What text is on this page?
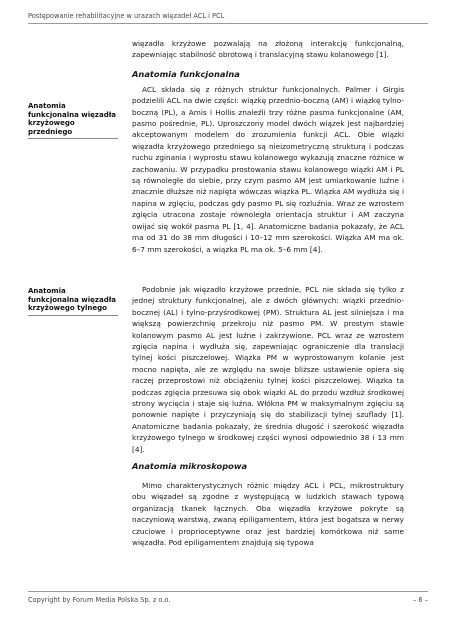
Postępowanie rehabilitacyjne w urazach więzadeł ACL i PCL

więzadła krzyżowe pozwalają na złożoną interakcję funkcjonalną, zapewniając stabilność obrotową i translacyjną stawu kolanowego [1].

Anatomia funkcjonalna

ACL składa się z różnych struktur funkcjonalnych. Palmer i Girgis podzielili ACL na dwie części: wiązkę przednio-boczną (AM) i wiązkę tylno-boczną (PL), a Amis i Hollis znaleźli trzy różne pasma funkcjonalne (AM, pasmo pośrednie, PL). Uproszczony model dwóch wiązek jest najbardziej akceptowanym modelem do zrozumienia funkcji ACL. Obie wiązki więzadła krzyżowego przedniego są nieizometryczną strukturą i podczas ruchu zginania i wyprostu stawu kolanowego wykazują znaczne różnice w zachowaniu. W przypadku prostowania stawu kolanowego wiązki AM i PL są równoległe do siebie, przy czym pasmo AM jest umiarkowanie luźne i znacznie dłuższe niż napięta wówczas wiązka PL. Wiązka AM wydłuża się i napina w zgięciu, podczas gdy pasmo PL się rozluźnia. Wraz ze wzrostem zgięcia utracona zostaje równoległa orientacja struktur i AM zaczyna owijać się wokół pasma PL [1, 4]. Anatomiczne badania pokazały, że ACL ma od 31 do 38 mm długości i 10–12 mm szerokości. Wiązka AM ma ok. 6–7 mm szerokości, a wiązka PL ma ok. 5–6 mm [4].

Anatomia funkcjonalna więzadła krzyżowego przedniego

Podobnie jak więzadło krzyżowe przednie, PCL nie składa się tylko z jednej struktury funkcjonalnej, ale z dwóch głównych: wiązki przednio-bocznej (AL) i tylno-przyśrodkowej (PM). Struktura AL jest silniejsza i ma większą powierzchnię przekroju niż pasmo PM. W prostym stawie kolanowym pasmo AL jest luźne i zakrzywione. PCL wraz ze wzrostem zgięcia napina i wydłuża się, zapewniając ograniczenie dla translacji tylnej kości piszczelowej. Wiązka PM w wyprostowanym kolanie jest mocno napięta, ale ze względu na swoje bliższe ustawienie opiera się raczej przeprostowi niż obciążeniu tylnej kości piszczelowej. Wiązka ta podczas zgięcia przesuwa się obok wiązki AL do przodu wzdłuż środkowej strony wycięcia i staje się luźna. Włókna PM w maksymalnym zgięciu są ponownie napięte i przyczyniają się do stabilizacji tylnej szuflady [1]. Anatomiczne badania pokazały, że średnia długość i szerokość więzadła krzyżowego tylnego w środkowej części wynosi odpowiednio 38 i 13 mm [4].

Anatomia funkcjonalna więzadła krzyżowego tylnego
Anatomia mikroskopowa

Mimo charakterystycznych różnic między ACL i PCL, mikrostruktury obu więzadeł są zgodne z występującą w ludzkich stawach typową organizacją tkanek łącznych. Oba więzadła krzyżowe pokryte są naczyniową warstwą, zwaną epiligamentem, która jest bogatsza w nerwy czuciowe i proprioceptywne oraz jest bardziej komórkowa niż same więzadła. Pod epiligamentem znajdują się typowa

Copyright by Forum Media Polska Sp. z o.o.	– 6 –
